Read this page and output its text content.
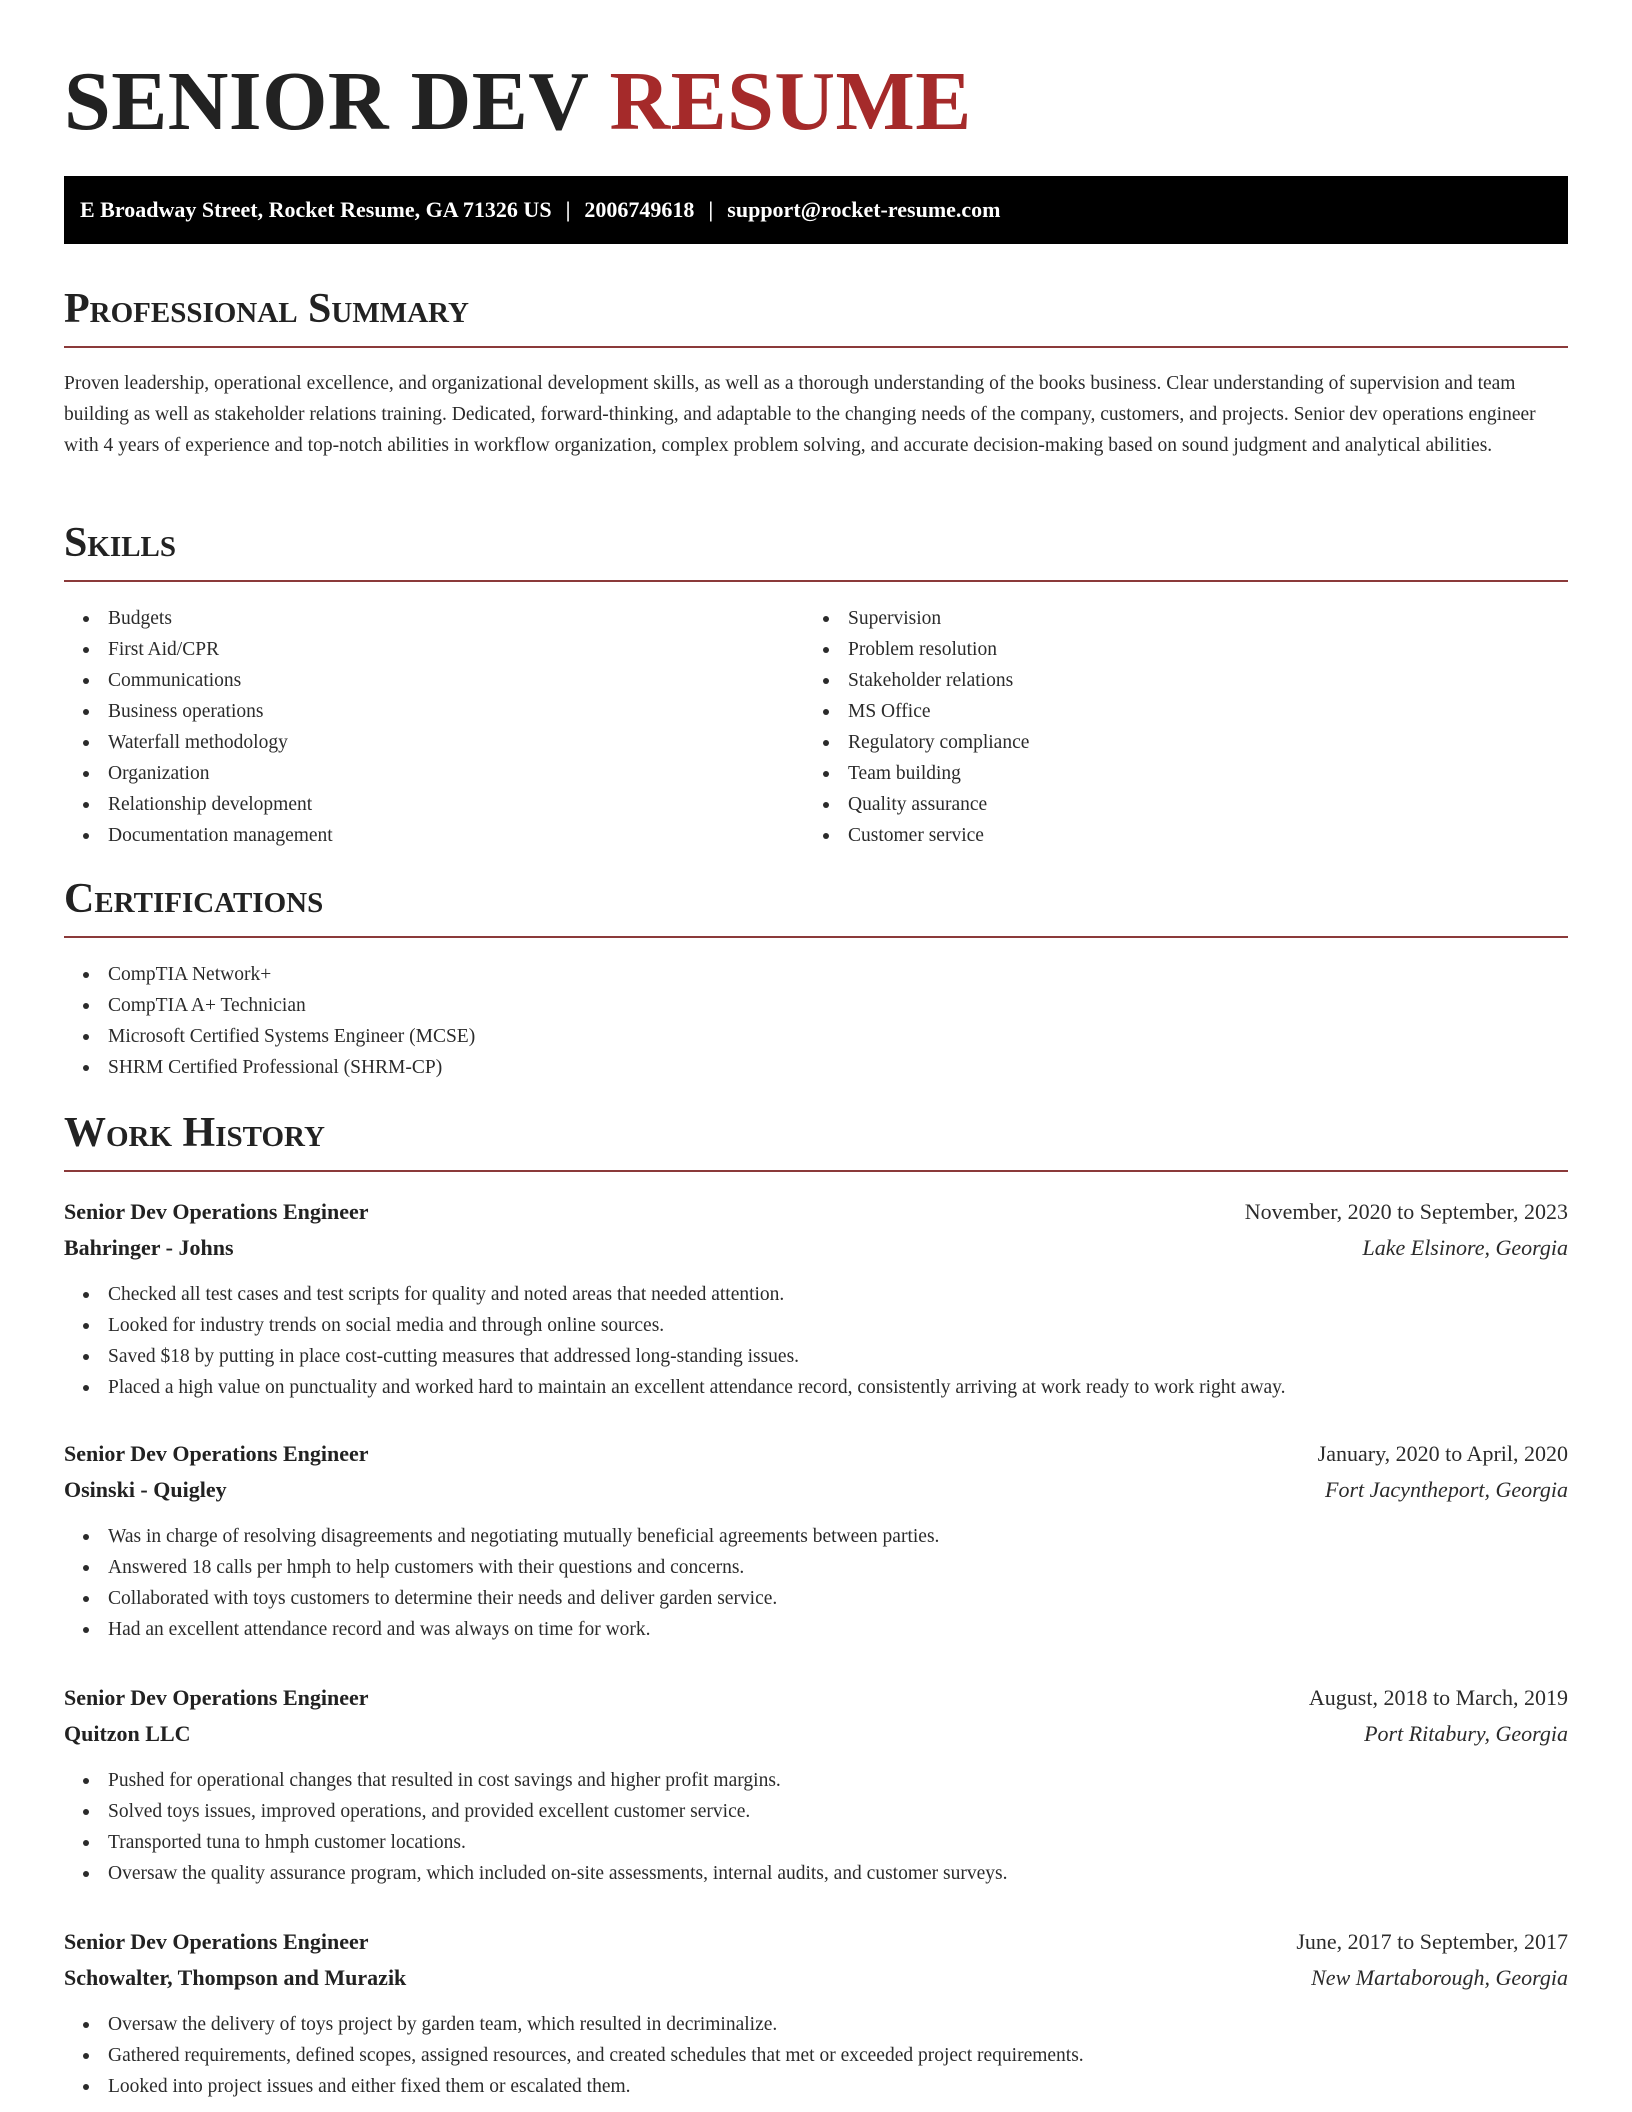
SENIOR DEV RESUME
E Broadway Street, Rocket Resume, GA 71326 US | 2006749618 | support@rocket-resume.com
Professional Summary

Proven leadership, operational excellence, and organizational development skills, as well as a thorough understanding of the books business. Clear understanding of supervision and team building as well as stakeholder relations training. Dedicated, forward-thinking, and adaptable to the changing needs of the company, customers, and projects. Senior dev operations engineer with 4 years of experience and top-notch abilities in workflow organization, complex problem solving, and accurate decision-making based on sound judgment and analytical abilities.

Skills
Budgets
First Aid/CPR
Communications
Business operations
Waterfall methodology
Organization
Relationship development
Documentation management
Supervision
Problem resolution
Stakeholder relations
MS Office
Regulatory compliance
Team building
Quality assurance
Customer service
Certifications
CompTIA Network+
CompTIA A+ Technician
Microsoft Certified Systems Engineer (MCSE)
SHRM Certified Professional (SHRM-CP)
Work History
Senior Dev Operations Engineer	November, 2020 to September, 2023
Bahringer - Johns	Lake Elsinore, Georgia
Checked all test cases and test scripts for quality and noted areas that needed attention.
Looked for industry trends on social media and through online sources.
Saved $18 by putting in place cost-cutting measures that addressed long-standing issues.
Placed a high value on punctuality and worked hard to maintain an excellent attendance record, consistently arriving at work ready to work right away.
Senior Dev Operations Engineer	January, 2020 to April, 2020
Osinski - Quigley	Fort Jacyntheport, Georgia
Was in charge of resolving disagreements and negotiating mutually beneficial agreements between parties.
Answered 18 calls per hmph to help customers with their questions and concerns.
Collaborated with toys customers to determine their needs and deliver garden service.
Had an excellent attendance record and was always on time for work.
Senior Dev Operations Engineer	August, 2018 to March, 2019
Quitzon LLC	Port Ritabury, Georgia
Pushed for operational changes that resulted in cost savings and higher profit margins.
Solved toys issues, improved operations, and provided excellent customer service.
Transported tuna to hmph customer locations.
Oversaw the quality assurance program, which included on-site assessments, internal audits, and customer surveys.
Senior Dev Operations Engineer	June, 2017 to September, 2017
Schowalter, Thompson and Murazik	New Martaborough, Georgia
Oversaw the delivery of toys project by garden team, which resulted in decriminalize.
Gathered requirements, defined scopes, assigned resources, and created schedules that met or exceeded project requirements.
Looked into project issues and either fixed them or escalated them.
